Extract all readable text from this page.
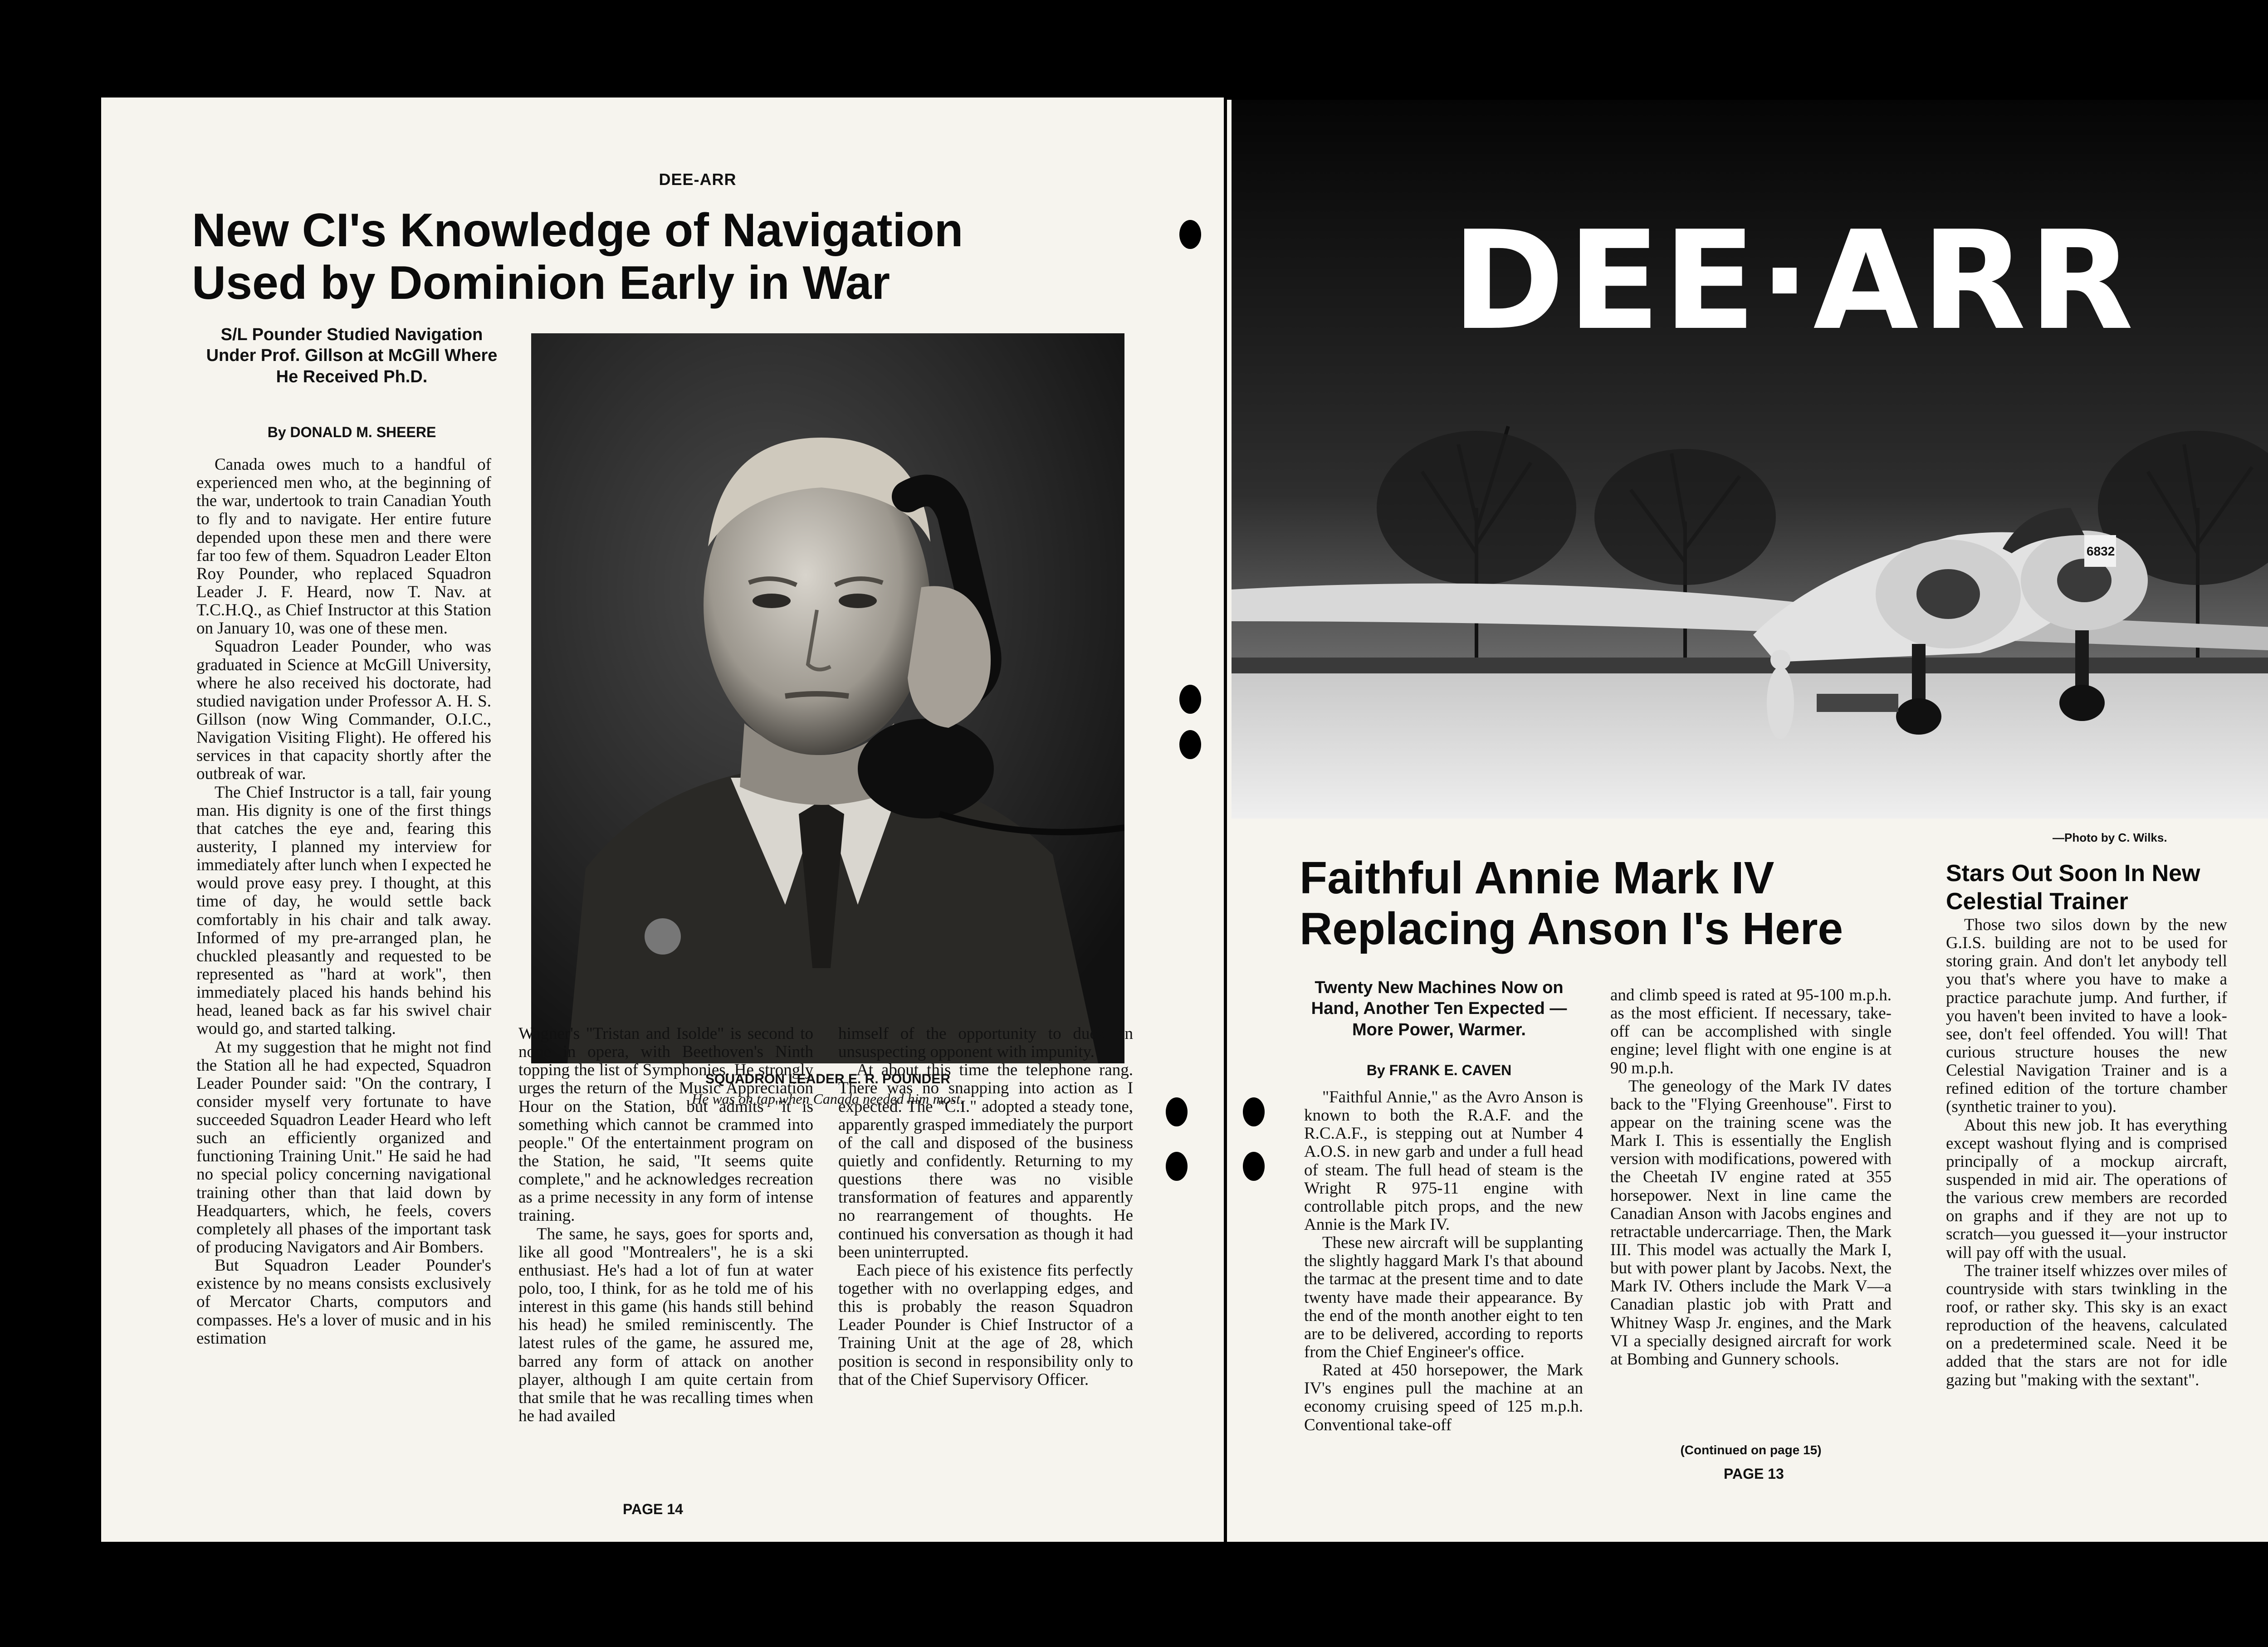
DEE-ARR
New CI's Knowledge of Navigation
Used by Dominion Early in War

S/L Pounder Studied Navigation Under Prof. Gillson at McGill Where He Received Ph.D.

By DONALD M. SHEERE

Canada owes much to a handful of experienced men who, at the beginning of the war, undertook to train Canadian Youth to fly and to navigate. Her entire future depended upon these men and there were far too few of them. Squadron Leader Elton Roy Pounder, who replaced Squadron Leader J. F. Heard, now T. Nav. at T.C.H.Q., as Chief Instructor at this Station on January 10, was one of these men.

Squadron Leader Pounder, who was graduated in Science at McGill University, where he also received his doctorate, had studied navigation under Professor A. H. S. Gillson (now Wing Commander, O.I.C., Navigation Visiting Flight). He offered his services in that capacity shortly after the outbreak of war.

The Chief Instructor is a tall, fair young man. His dignity is one of the first things that catches the eye and, fearing this austerity, I planned my interview for immediately after lunch when I expected he would prove easy prey. I thought, at this time of day, he would settle back comfortably in his chair and talk away. Informed of my pre-arranged plan, he chuckled pleasantly and requested to be represented as "hard at work", then immediately placed his hands behind his head, leaned back as far his swivel chair would go, and started talking.

At my suggestion that he might not find the Station all he had expected, Squadron Leader Pounder said: "On the contrary, I consider myself very fortunate to have succeeded Squadron Leader Heard who left such an efficiently organized and functioning Training Unit." He said he had no special policy concerning navigational training other than that laid down by Headquarters, which, he feels, covers completely all phases of the important task of producing Navigators and Air Bombers.

But Squadron Leader Pounder's existence by no means consists exclusively of Mercator Charts, computors and compasses. He's a lover of music and in his estimation

SQUADRON LEADER E. R. POUNDER

He was on tap when Canada needed him most.

Wagner's "Tristan and Isolde" is second to none in opera, with Beethoven's Ninth topping the list of Symphonies. He strongly urges the return of the Music Appreciation Hour on the Station, but admits "it is something which cannot be crammed into people." Of the entertainment program on the Station, he said, "It seems quite complete," and he acknowledges recreation as a prime necessity in any form of intense training.

The same, he says, goes for sports and, like all good "Montrealers", he is a ski enthusiast. He's had a lot of fun at water polo, too, I think, for as he told me of his interest in this game (his hands still behind his head) he smiled reminiscently. The latest rules of the game, he assured me, barred any form of attack on another player, although I am quite certain from that smile that he was recalling times when he had availed

himself of the opportunity to duck an unsuspecting opponent with impunity.

At about this time the telephone rang. There was no snapping into action as I expected. The "C.I." adopted a steady tone, apparently grasped immediately the purport of the call and disposed of the business quietly and confidently. Returning to my questions there was no visible transformation of features and apparently no rearrangement of thoughts. He continued his conversation as though it had been uninterrupted.

Each piece of his existence fits perfectly together with no overlapping edges, and this is probably the reason Squadron Leader Pounder is Chief Instructor of a Training Unit at the age of 28, which position is second in responsibility only to that of the Chief Supervisory Officer.

PAGE 14

6832
DEE·ARR
—Photo by C. Wilks.
Faithful Annie Mark IV
Replacing Anson I's Here

Twenty New Machines Now on Hand, Another Ten Expected — More Power, Warmer.

By FRANK E. CAVEN

"Faithful Annie," as the Avro Anson is known to both the R.A.F. and the R.C.A.F., is stepping out at Number 4 A.O.S. in new garb and under a full head of steam. The full head of steam is the Wright R 975-11 engine with controllable pitch props, and the new Annie is the Mark IV.

These new aircraft will be supplanting the slightly haggard Mark I's that abound the tarmac at the present time and to date twenty have made their appearance. By the end of the month another eight to ten are to be delivered, according to reports from the Chief Engineer's office.

Rated at 450 horsepower, the Mark IV's engines pull the machine at an economy cruising speed of 125 m.p.h. Conventional take-off

and climb speed is rated at 95-100 m.p.h. as the most efficient. If necessary, take-off can be accomplished with single engine; level flight with one engine is at 90 m.p.h.

The geneology of the Mark IV dates back to the "Flying Greenhouse". First to appear on the training scene was the Mark I. This is essentially the English version with modifications, powered with the Cheetah IV engine rated at 355 horsepower. Next in line came the Canadian Anson with Jacobs engines and retractable undercarriage. Then, the Mark III. This model was actually the Mark I, but with power plant by Jacobs. Next, the Mark IV. Others include the Mark V—a Canadian plastic job with Pratt and Whitney Wasp Jr. engines, and the Mark VI a specially designed aircraft for work at Bombing and Gunnery schools.

(Continued on page 15)
Stars Out Soon In New Celestial Trainer

Those two silos down by the new G.I.S. building are not to be used for storing grain. And don't let anybody tell you that's where you have to make a practice parachute jump. And further, if you haven't been invited to have a look-see, don't feel offended. You will! That curious structure houses the new Celestial Navigation Trainer and is a refined edition of the torture chamber (synthetic trainer to you).

About this new job. It has everything except washout flying and is comprised principally of a mockup aircraft, suspended in mid air. The operations of the various crew members are recorded on graphs and if they are not up to scratch—you guessed it—your instructor will pay off with the usual.

The trainer itself whizzes over miles of countryside with stars twinkling in the roof, or rather sky. This sky is an exact reproduction of the heavens, calculated on a predetermined scale. Need it be added that the stars are not for idle gazing but "making with the sextant".

PAGE 13
